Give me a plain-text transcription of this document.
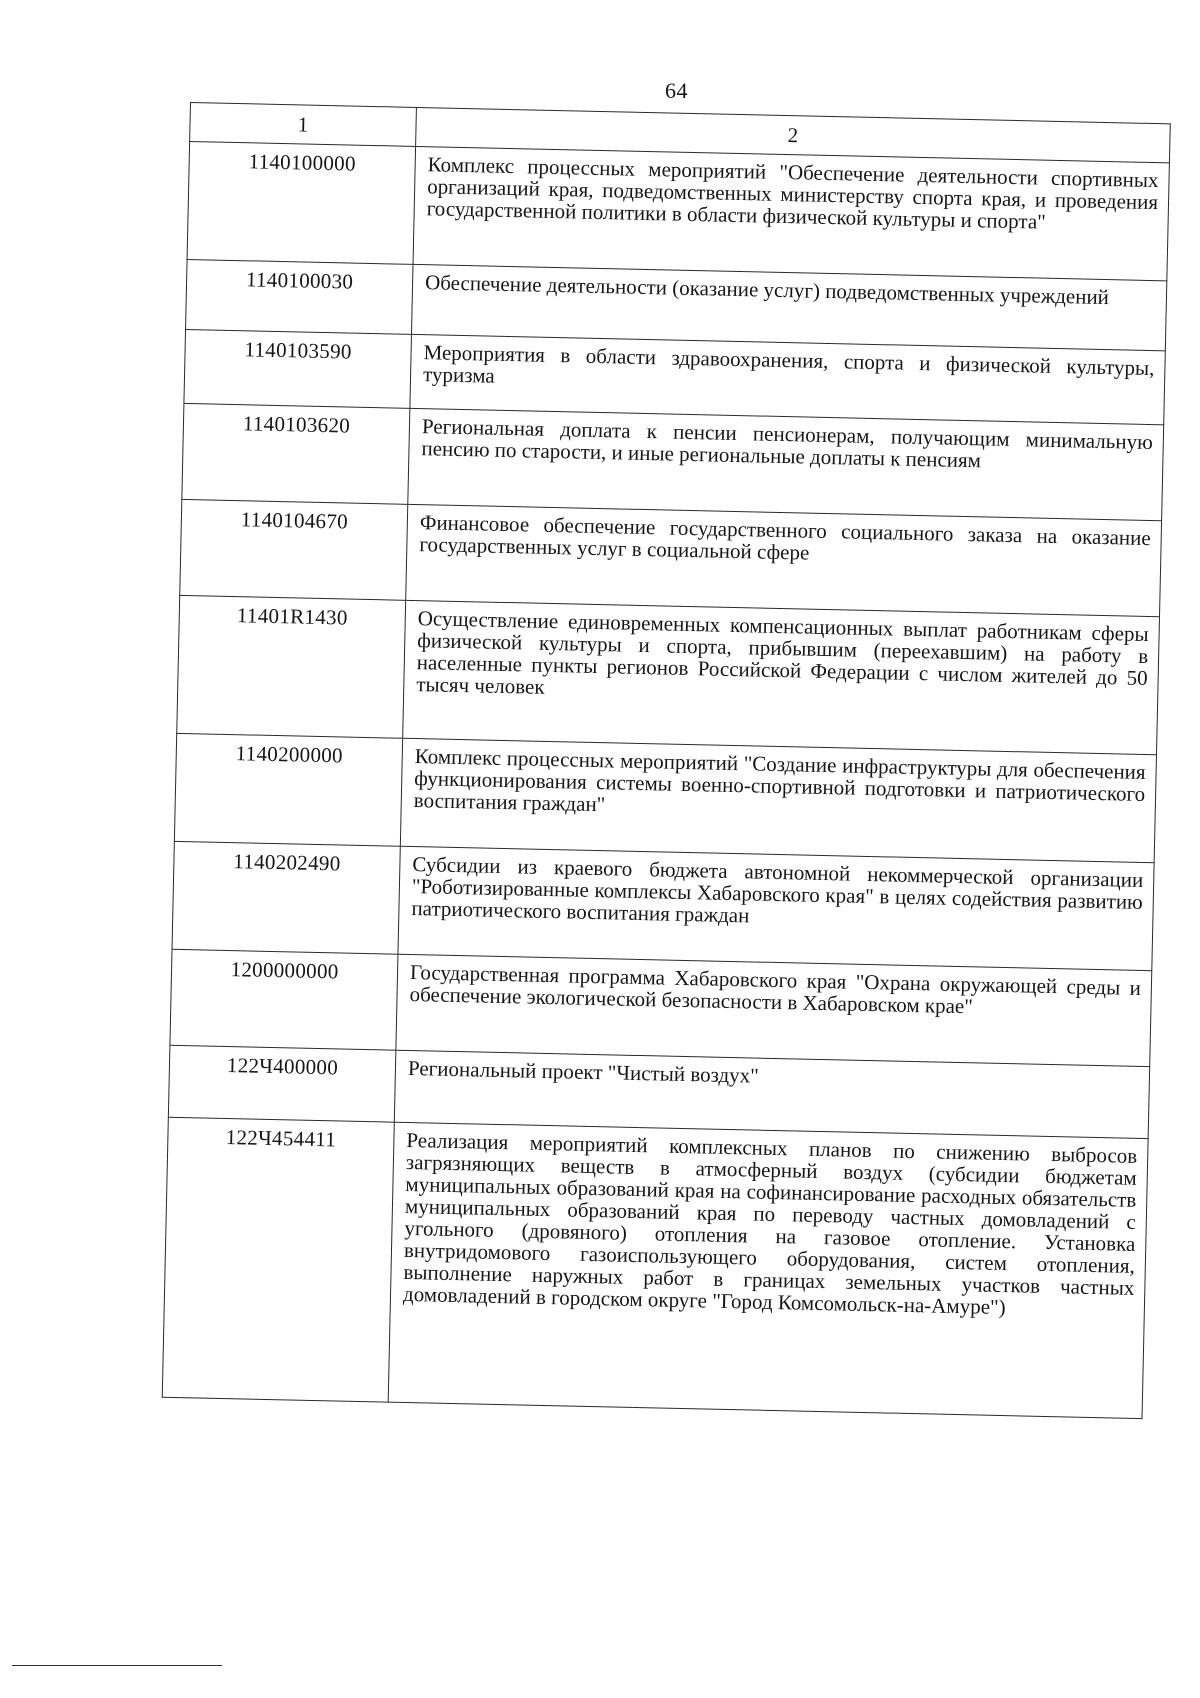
64
1	2
1140100000	Комплекс процессных мероприятий "Обеспечение деятельности спортивных организаций края, подведомственных министерству спорта края, и проведения государственной политики в области физической культуры и спорта"
1140100030	Обеспечение деятельности (оказание услуг) подведомственных учреждений
1140103590	Мероприятия в области здравоохранения, спорта и физической культуры, туризма
1140103620	Региональная доплата к пенсии пенсионерам, получающим минимальную пенсию по старости, и иные региональные доплаты к пенсиям
1140104670	Финансовое обеспечение государственного социального заказа на оказание государственных услуг в социальной сфере
11401R1430	Осуществление единовременных компенсационных выплат работникам сферы физической культуры и спорта, прибывшим (переехавшим) на работу в населенные пункты регионов Российской Федерации с числом жителей до 50 тысяч человек
1140200000	Комплекс процессных мероприятий "Создание инфраструктуры для обеспечения функционирования системы военно-спортивной подготовки и патриотического воспитания граждан"
1140202490	Субсидии из краевого бюджета автономной некоммерческой организации "Роботизированные комплексы Хабаровского края" в целях содействия развитию патриотического воспитания граждан
1200000000	Государственная программа Хабаровского края "Охрана окружающей среды и обеспечение экологической безопасности в Хабаровском крае"
122Ч400000	Региональный проект "Чистый воздух"
122Ч454411	Реализация мероприятий комплексных планов по снижению выбросов загрязняющих веществ в атмосферный воздух (субсидии бюджетам муниципальных образований края на софинансирование расходных обязательств муниципальных образований края по переводу частных домовладений с угольного (дровяного) отопления на газовое отопление. Установка внутридомового газоиспользующего оборудования, систем отопления, выполнение наружных работ в границах земельных участков частных домовладений в городском округе "Город Комсомольск-на-Амуре")
